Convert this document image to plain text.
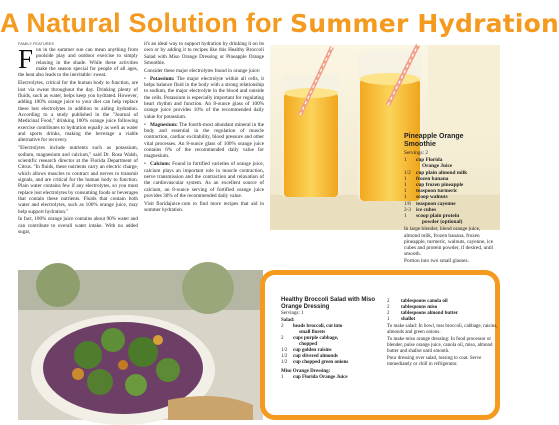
A Natural Solution for Summer Hydration
FAMILY FEATURES

Fun in the summer sun can mean anything from poolside play and outdoor exercise to simply relaxing in the shade. While these activities make the season special for people of all ages, the heat also leads to the inevitable: sweat.

Electrolytes, critical for the human body to function, are lost via sweat throughout the day. Drinking plenty of fluids, such as water, helps keep you hydrated. However, adding 100% orange juice to your diet can help replace these lost electrolytes in addition to aiding hydration. According to a study published in the "Journal of Medicinal Food," drinking 100% orange juice following exercise contributes to hydration equally as well as water and sports drinks, making the beverage a viable alternative for recovery.

"Electrolytes include nutrients such as potassium, sodium, magnesium and calcium," said Dr. Rosa Walsh, scientific research director at the Florida Department of Citrus. "In fluids, these nutrients carry an electric charge, which allows muscles to contract and nerves to transmit signals, and are critical for the human body to function. Plain water contains few if any electrolytes, so you must replace lost electrolytes by consuming foods or beverages that contain these nutrients. Fluids that contain both water and electrolytes, such as 100% orange juice, may help support hydration."

In fact, 100% orange juice contains about 90% water and can contribute to overall water intake. With no added sugar,

it's an ideal way to support hydration by drinking it on its own or by adding it to recipes like this Healthy Broccoli Salad with Miso Orange Dressing or Pineapple Orange Smoothie.

Consider these major electrolytes found in orange juice:

• Potassium: The major electrolyte within all cells, it helps balance fluid in the body with a strong relationship to sodium, the major electrolyte in the blood and outside the cells. Potassium is especially important for regulating heart rhythm and function. An 8-ounce glass of 100% orange juice provides 10% of the recommended daily value for potassium.
• Magnesium: The fourth-most abundant mineral in the body and essential in the regulation of muscle contraction, cardiac excitability, blood pressure and other vital processes. An 8-ounce glass of 100% orange juice contains 6% of the recommended daily value for magnesium.
• Calcium: Found in fortified varieties of orange juice, calcium plays an important role in muscle contraction, nerve transmission and the contraction and relaxation of the cardiovascular system. As an excellent source of calcium, an 8-ounce serving of fortified orange juice provides 30% of the recommended daily value.

Visit floridajuice.com to find more recipes that aid in summer hydration.

Pineapple Orange Smoothie
Servings: 2
1	cup Florida
Orange Juice
1/2 cup plain almond milk
1	frozen banana
1	cup frozen pineapple
1	teaspoon turmeric
1	scoop walnuts
1/8 teaspoon cayenne
2-3 ice cubes
1	scoop plain protein
powder (optional)
In large blender, blend orange juice, almond milk, frozen banana, frozen pineapple, turmeric, walnuts, cayenne, ice cubes and protein powder, if desired, until smooth.
Portion into two small glasses.
Healthy Broccoli Salad with Miso Orange Dressing
Servings: 1
Salad:
2	heads broccoli, cut into
small florets
2	cups purple cabbage,
chopped
1/2	cup golden raisins
1/2	cup slivered almonds
1/2	cup chopped green onions
Miso Orange Dressing:
1	cup Florida Orange Juice
2	tablespoons canola oil
2	tablespoons miso
2	tablespoons almond butter
1	shallot

To make salad: In bowl, toss broccoli, cabbage, raisins, almonds and green onions.

To make miso orange dressing: In food processor or blender, pulse orange juice, canola oil, miso, almond butter and shallot until smooth.

Pour dressing over salad, tossing to coat. Serve immediately or chill in refrigerator.
